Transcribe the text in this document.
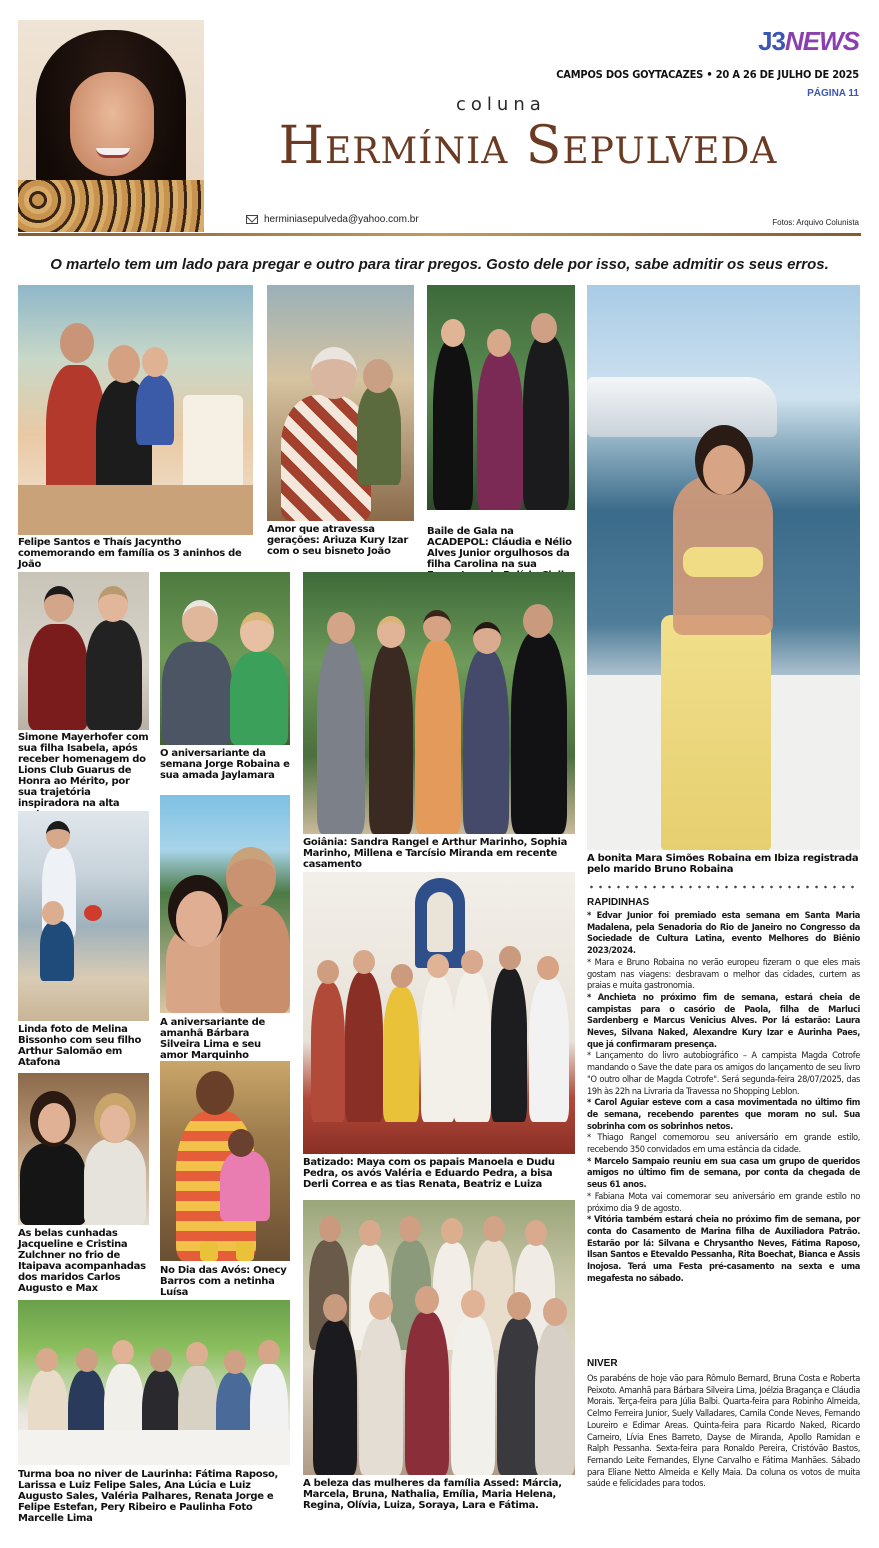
J3NEWS
CAMPOS DOS GOYTACAZES • 20 A 26 DE JULHO DE 2025
PÁGINA 11
coluna
Hermínia Sepulveda
herminiasepulveda@yahoo.com.br	Fotos: Arquivo Colunista
O martelo tem um lado para pregar e outro para tirar pregos. Gosto dele por isso, sabe admitir os seus erros.
Felipe Santos e Thaís Jacyntho comemorando em família os 3 aninhos de João
Amor que atravessa gerações: Ariuza Kury Izar com o seu bisneto João
Baile de Gala na ACADEPOL: Cláudia e Nélio Alves Junior orgulhosos da filha Carolina na sua
A bonita Mara Simões Robaina em Ibiza registrada pelo marido Bruno Robaina
Simone Mayerhofer com sua filha Isabela, após receber homenagem do Lions Club Guarus de Honra ao Mérito, por sua trajetória inspiradora na alta
O aniversariante da semana Jorge Robaina e sua amada Jaylamara
Goiânia: Sandra Rangel e Arthur Marinho, Sophia Marinho, Millena e Tarcísio Miranda em recente casamento
Linda foto de Melina Bissonho com seu filho Arthur Salomão em Atafona
A aniversariante de amanhã Bárbara Silveira Lima e seu amor Marquinho
Batizado: Maya com os papais Manoela e Dudu Pedra, os avós Valéria e Eduardo Pedra, a bisa Derli Correa e as tias Renata, Beatriz e Luiza
As belas cunhadas Jacqueline e Cristina Zulchner no frio de Itaipava acompanhadas dos maridos Carlos Augusto e Max
No Dia das Avós: Onecy Barros com a netinha Luísa
Turma boa no niver de Laurinha: Fátima Raposo, Larissa e Luiz Felipe Sales, Ana Lúcia e Luiz Augusto Sales, Valéria Palhares, Renata Jorge e Felipe Estefan, Pery Ribeiro e Paulinha Foto Marcelle Lima
A beleza das mulheres da família Assed: Márcia, Marcela, Bruna, Nathalia, Emília, Maria Helena, Regina, Olívia, Luiza, Soraya, Lara e Fátima.
RAPIDINHAS

* Edvar Junior foi premiado esta semana em Santa Maria Madalena, pela Senadoria do Rio de Janeiro no Congresso da Sociedade de Cultura Latina, evento Melhores do Biênio 2023/2024.

* Mara e Bruno Robaina no verão europeu fizeram o que eles mais gostam nas viagens: desbravam o melhor das cidades, curtem as praias e muita gastronomia.

* Anchieta no próximo fim de semana, estará cheia de campistas para o casório de Paola, filha de Marluci Sardenberg e Marcus Venicius Alves. Por lá estarão: Laura Neves, Silvana Naked, Alexandre Kury Izar e Aurinha Paes, que já confirmaram presença.

* Lançamento do livro autobiográfico – A campista Magda Cotrofe mandando o Save the date para os amigos do lançamento de seu livro "O outro olhar de Magda Cotrofe". Será segunda-feira 28/07/2025, das 19h às 22h na Livraria da Travessa no Shopping Leblon.

* Carol Aguiar esteve com a casa movimentada no último fim de semana, recebendo parentes que moram no sul. Sua sobrinha com os sobrinhos netos.

* Thiago Rangel comemorou seu aniversário em grande estilo, recebendo 350 convidados em uma estância da cidade.

* Marcelo Sampaio reuniu em sua casa um grupo de queridos amigos no último fim de semana, por conta da chegada de seus 61 anos.

* Fabiana Mota vai comemorar seu aniversário em grande estilo no próximo dia 9 de agosto.

* Vitória também estará cheia no próximo fim de semana, por conta do Casamento de Marina filha de Auxiliadora Patrão. Estarão por lá: Silvana e Chrysantho Neves, Fátima Raposo, Ilsan Santos e Etevaldo Pessanha, Rita Boechat, Bianca e Assis Inojosa. Terá uma Festa pré-casamento na sexta e uma megafesta no sábado.

NIVER
Os parabéns de hoje vão para Rômulo Bernard, Bruna Costa e Roberta Peixoto. Amanhã para Bárbara Silveira Lima, Joélzia Bragança e Cláudia Morais. Terça-feira para Júlia Balbi. Quarta-feira para Robinho Almeida, Celmo Ferreira Junior, Suely Valladares, Camila Conde Neves, Fernando Loureiro e Edimar Areas. Quinta-feira para Ricardo Naked, Ricardo Carneiro, Lívia Enes Barreto, Dayse de Miranda, Apollo Ramidan e Ralph Pessanha. Sexta-feira para Ronaldo Pereira, Cristóvão Bastos, Fernando Leite Fernandes, Elyne Carvalho e Fátima Manhães. Sábado para Eliane Netto Almeida e Kelly Maia. Da coluna os votos de muita saúde e felicidades para todos.
